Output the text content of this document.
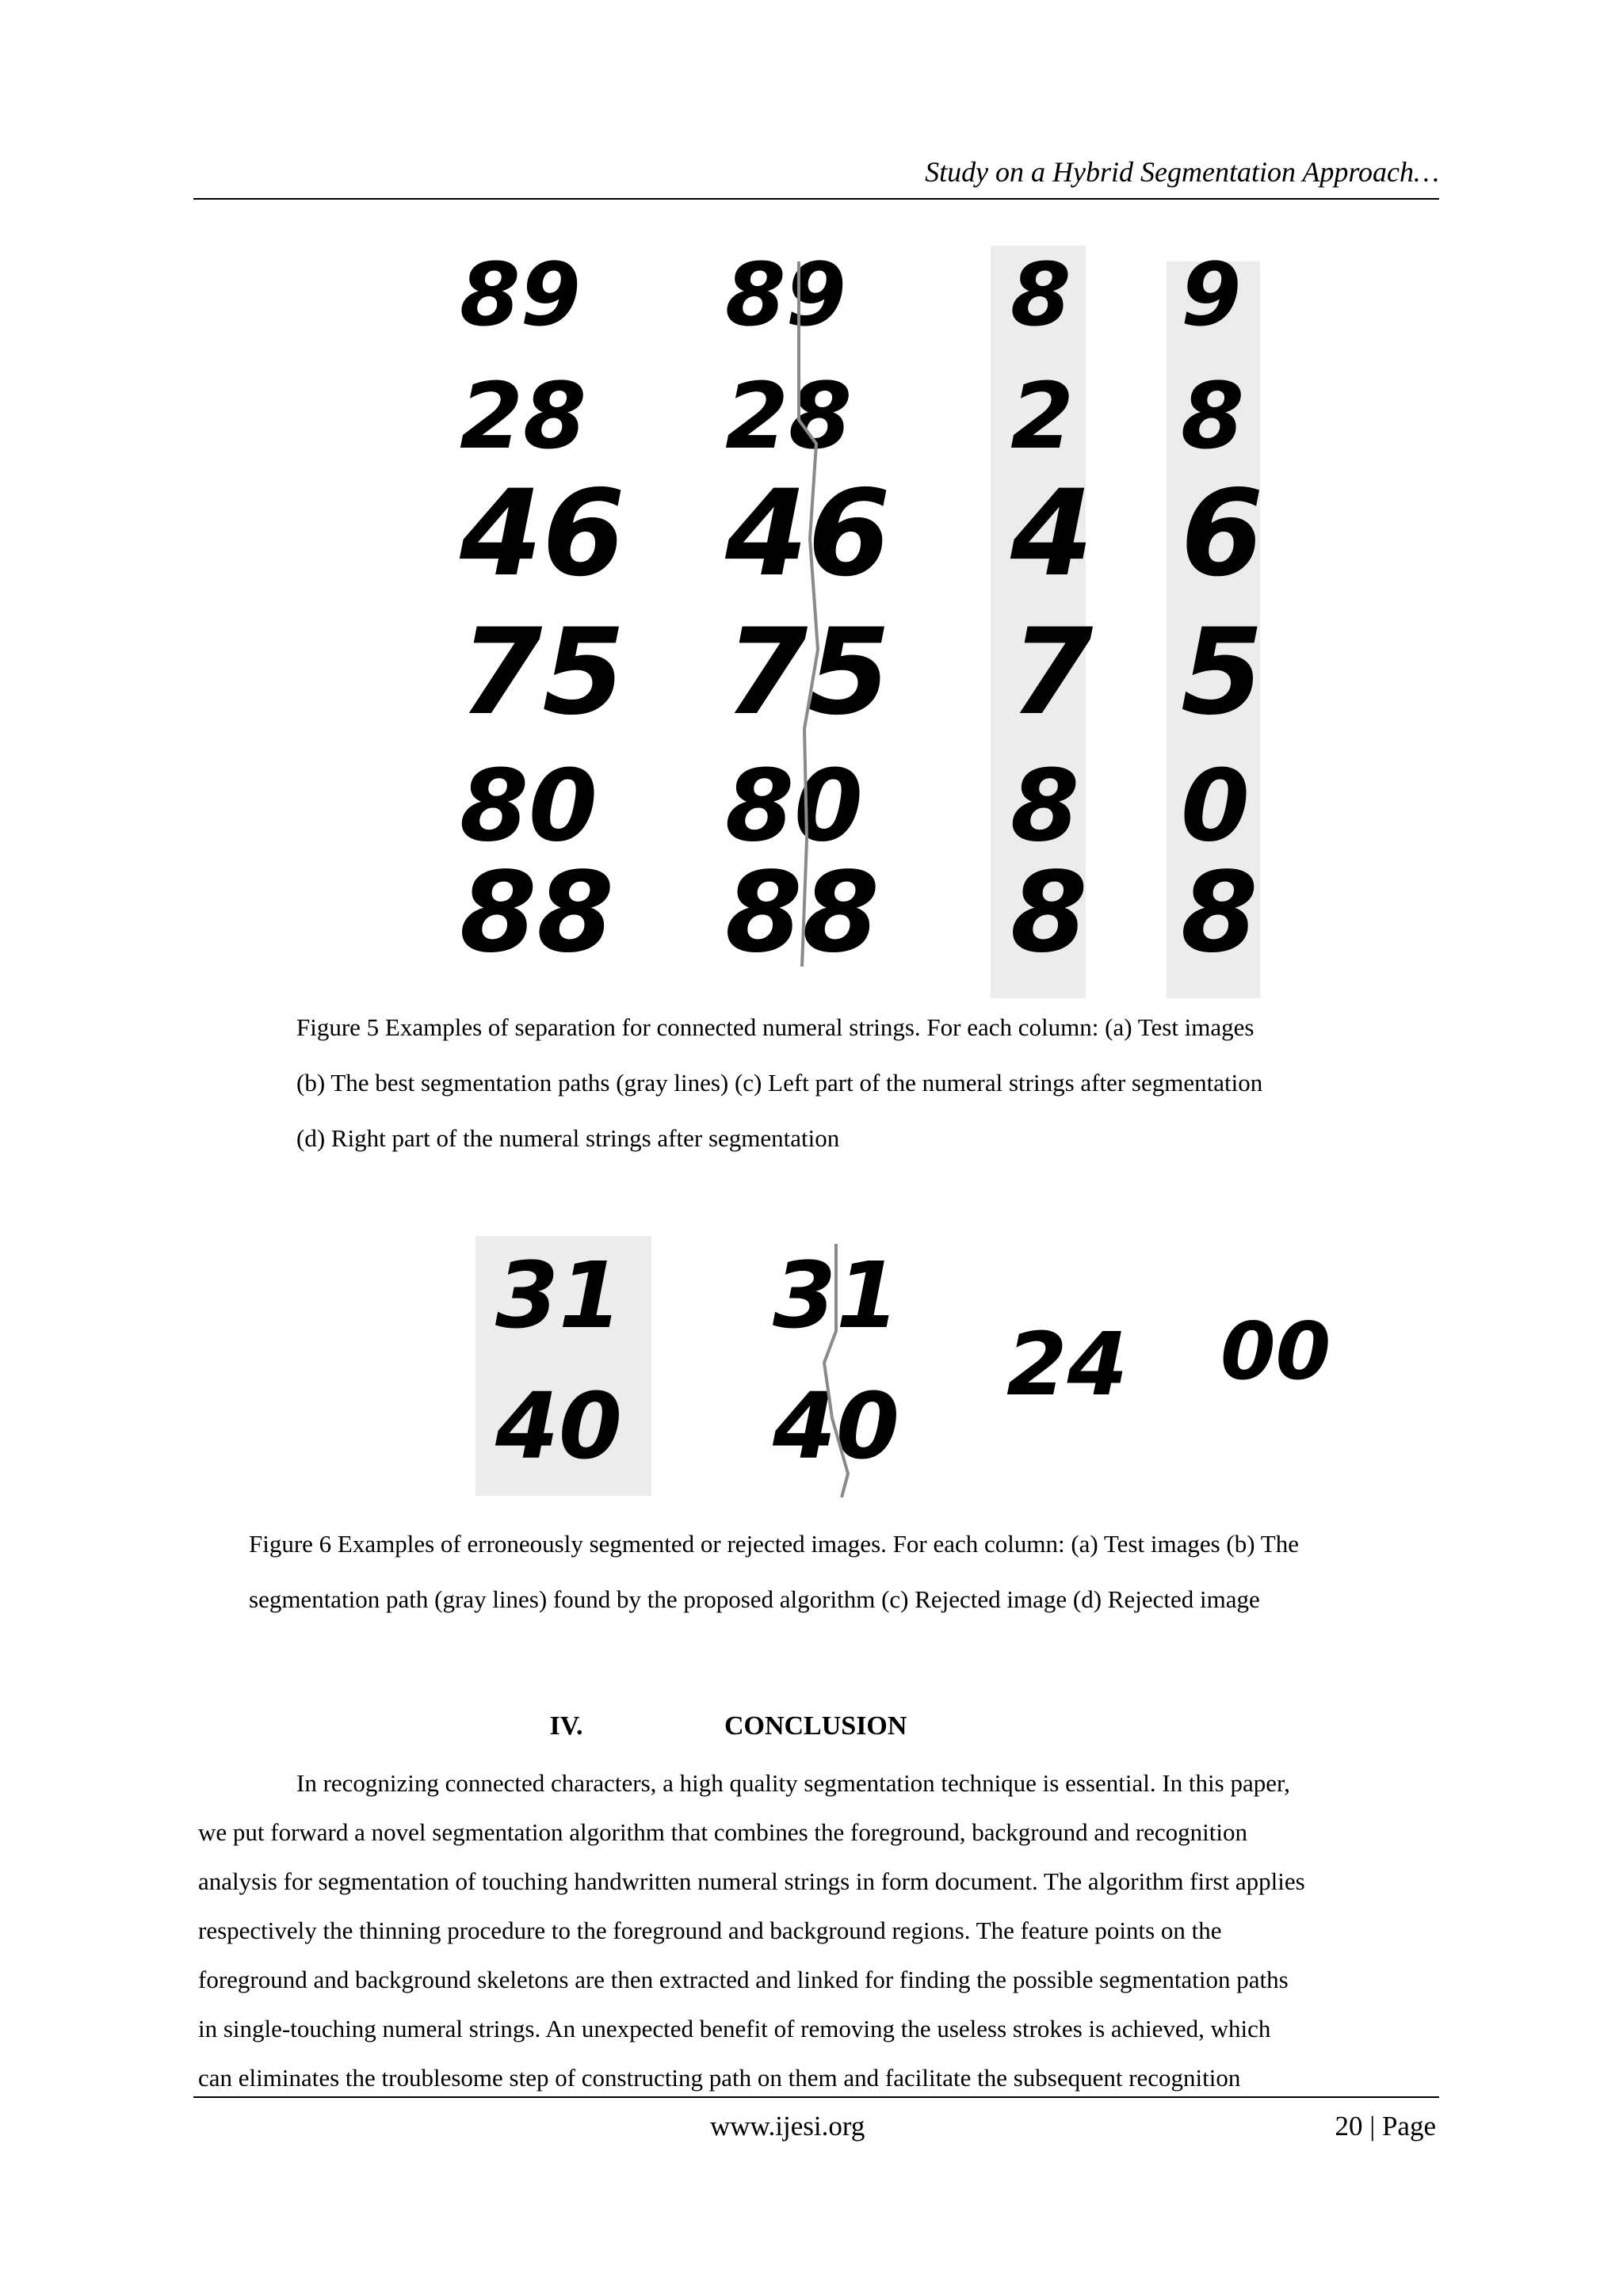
Study on a Hybrid Segmentation Approach…
89
28
46
75
80
88
89
28
46
75
80
88
8
2
4
7
8
8
9
8
6
5
0
8
Figure 5 Examples of separation for connected numeral strings. For each column: (a) Test images
(b) The best segmentation paths (gray lines) (c) Left part of the numeral strings after segmentation
(d) Right part of the numeral strings after segmentation
31
40
31
40
24 00
Figure 6 Examples of erroneously segmented or rejected images. For each column: (a) Test images (b) The
segmentation path (gray lines) found by the proposed algorithm (c) Rejected image (d) Rejected image
IV.	CONCLUSION
In recognizing connected characters, a high quality segmentation technique is essential. In this paper,
we put forward a novel segmentation algorithm that combines the foreground, background and recognition
analysis for segmentation of touching handwritten numeral strings in form document. The algorithm first applies
respectively the thinning procedure to the foreground and background regions. The feature points on the
foreground and background skeletons are then extracted and linked for finding the possible segmentation paths
in single-touching numeral strings. An unexpected benefit of removing the useless strokes is achieved, which
can eliminates the troublesome step of constructing path on them and facilitate the subsequent recognition
www.ijesi.org	20 | Page
